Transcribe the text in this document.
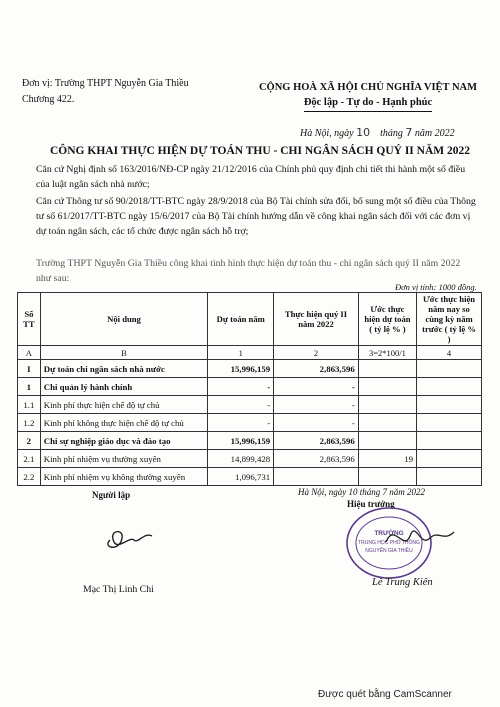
Đơn vị: Trường THPT Nguyễn Gia Thiều
Chương 422.
CỘNG HOÀ XÃ HỘI CHỦ NGHĨA VIỆT NAM
Độc lập - Tự do - Hạnh phúc
Hà Nội, ngày 10 tháng 7 năm 2022
CÔNG KHAI THỰC HIỆN DỰ TOÁN THU - CHI NGÂN SÁCH QUÝ II NĂM 2022
Căn cứ Nghị định số 163/2016/NĐ-CP ngày 21/12/2016 của Chính phủ quy định chi tiết thi hành một số điều của luật ngân sách nhà nước;
Căn cứ Thông tư số 90/2018/TT-BTC ngày 28/9/2018 của Bộ Tài chính sửa đổi, bổ sung một số điều của Thông tư số 61/2017/TT-BTC ngày 15/6/2017 của Bộ Tài chính hướng dẫn về công khai ngân sách đối với các đơn vị dự toán ngân sách, các tổ chức được ngân sách hỗ trợ;
Trường THPT Nguyễn Gia Thiều công khai tình hình thực hiện dự toán thu - chi ngân sách quý II năm 2022 như sau:
Đơn vị tính: 1000 đồng.
Số TT	Nội dung	Dự toán năm	Thực hiện quý II năm 2022	Ước thực hiện dự toán ( tỷ lệ % )	Ước thực hiện năm nay so cùng kỳ năm trước ( tỷ lệ % )
A	B	1	2	3=2*100/1	4
I	Dự toán chi ngân sách nhà nước	15,996,159	2,863,596		
1	Chi quản lý hành chính	-	-		
1.1	Kinh phí thực hiện chế độ tự chủ	-	-		
1.2	Kinh phí không thực hiện chế độ tự chủ	-	-		
2	Chi sự nghiệp giáo dục và đào tạo	15,996,159	2,863,596		
2.1	Kinh phí nhiệm vụ thường xuyên	14,899,428	2,863,596	19	
2.2	Kinh phí nhiệm vụ không thường xuyên	1,096,731			
Hà Nội, ngày 10 tháng 7 năm 2022
Người lập
Mạc Thị Linh Chi
Hiệu trưởng
TRƯỜNG
TRUNG HỌC PHỔ THÔNG
NGUYỄN GIA THIỀU
Lê Trung Kiên
Được quét bằng CamScanner
